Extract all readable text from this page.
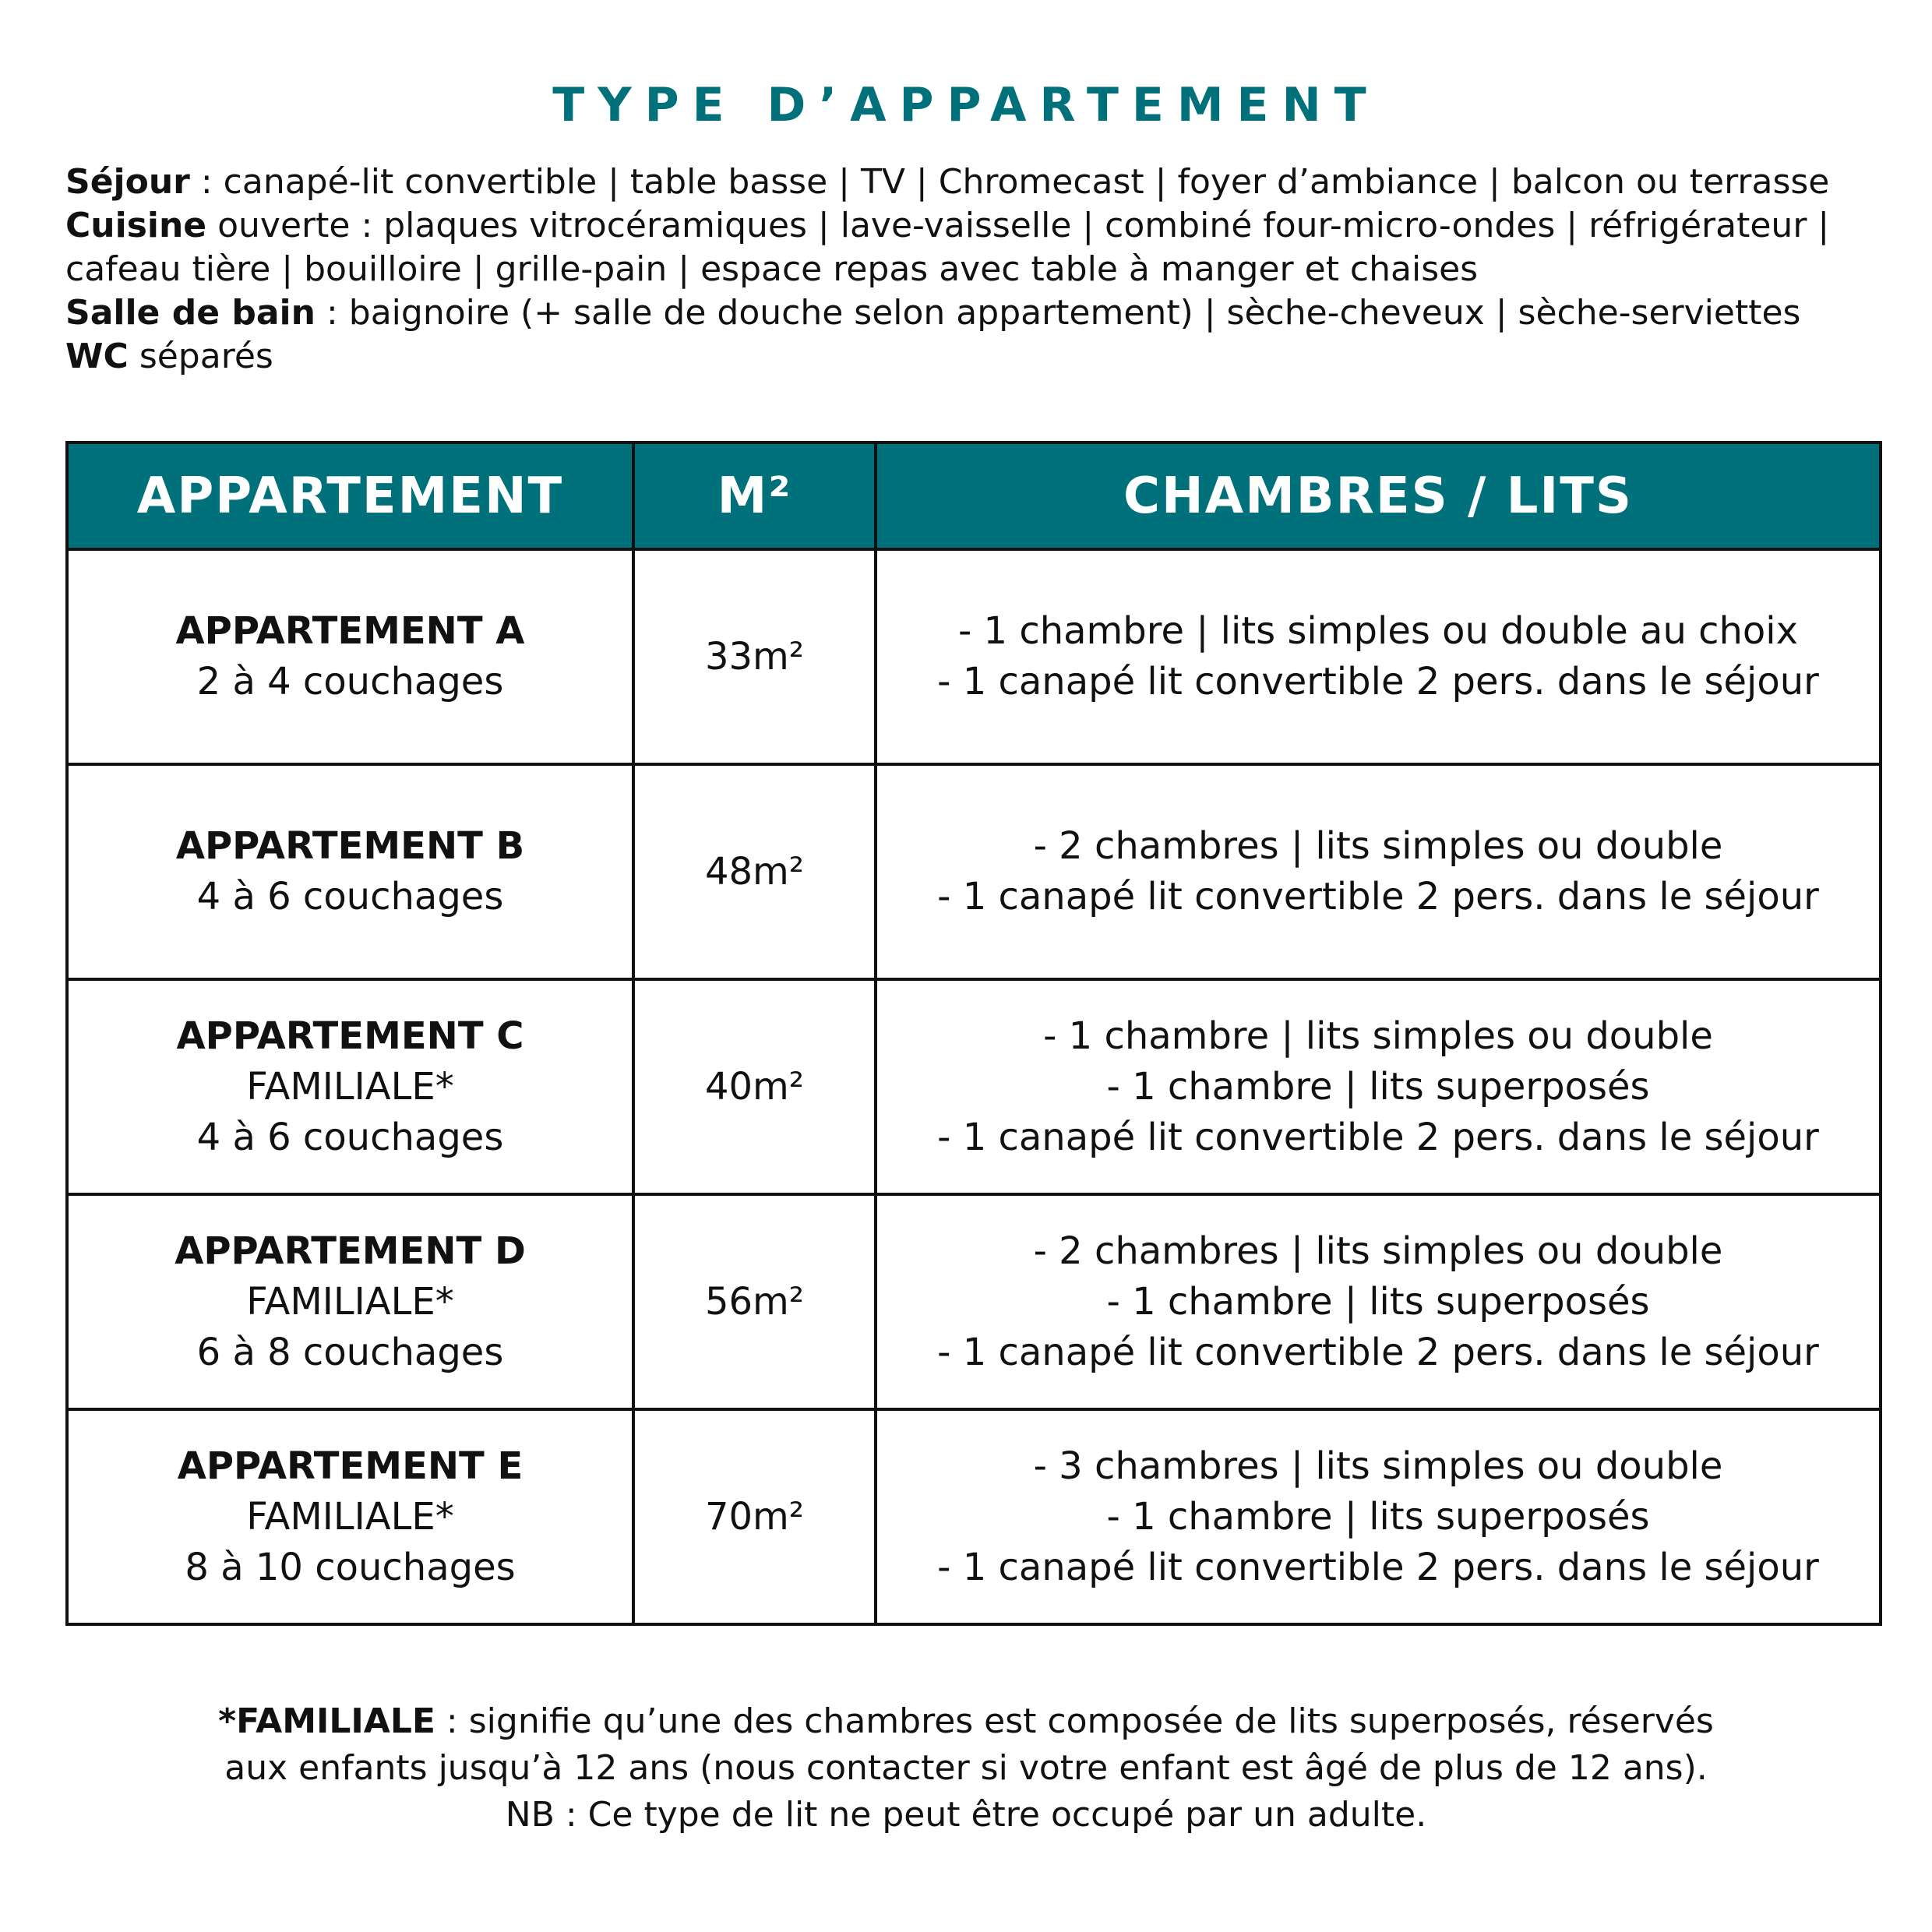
TYPE D’APPARTEMENT
Séjour : canapé-lit convertible | table basse | TV | Chromecast | foyer d’ambiance | balcon ou terrasse
Cuisine ouverte : plaques vitrocéramiques | lave-vaisselle | combiné four-micro-ondes | réfrigérateur |
cafeau tière | bouilloire | grille-pain | espace repas avec table à manger et chaises
Salle de bain : baignoire (+ salle de douche selon appartement) | sèche-cheveux | sèche-serviettes
WC séparés
APPARTEMENT	M²	CHAMBRES / LITS

APPARTEMENT A
2 à 4 couchages	33m²	- 1 chambre | lits simples ou double au choix
- 1 canapé lit convertible 2 pers. dans le séjour

APPARTEMENT B
4 à 6 couchages	48m²	- 2 chambres | lits simples ou double
- 1 canapé lit convertible 2 pers. dans le séjour

APPARTEMENT C
FAMILIALE*
4 à 6 couchages	40m²	- 1 chambre | lits simples ou double
- 1 chambre | lits superposés
- 1 canapé lit convertible 2 pers. dans le séjour

APPARTEMENT D
FAMILIALE*
6 à 8 couchages	56m²	- 2 chambres | lits simples ou double
- 1 chambre | lits superposés
- 1 canapé lit convertible 2 pers. dans le séjour

APPARTEMENT E
FAMILIALE*
8 à 10 couchages	70m²	- 3 chambres | lits simples ou double
- 1 chambre | lits superposés
- 1 canapé lit convertible 2 pers. dans le séjour
*FAMILIALE : signifie qu’une des chambres est composée de lits superposés, réservés
aux enfants jusqu’à 12 ans (nous contacter si votre enfant est âgé de plus de 12 ans).
NB : Ce type de lit ne peut être occupé par un adulte.
